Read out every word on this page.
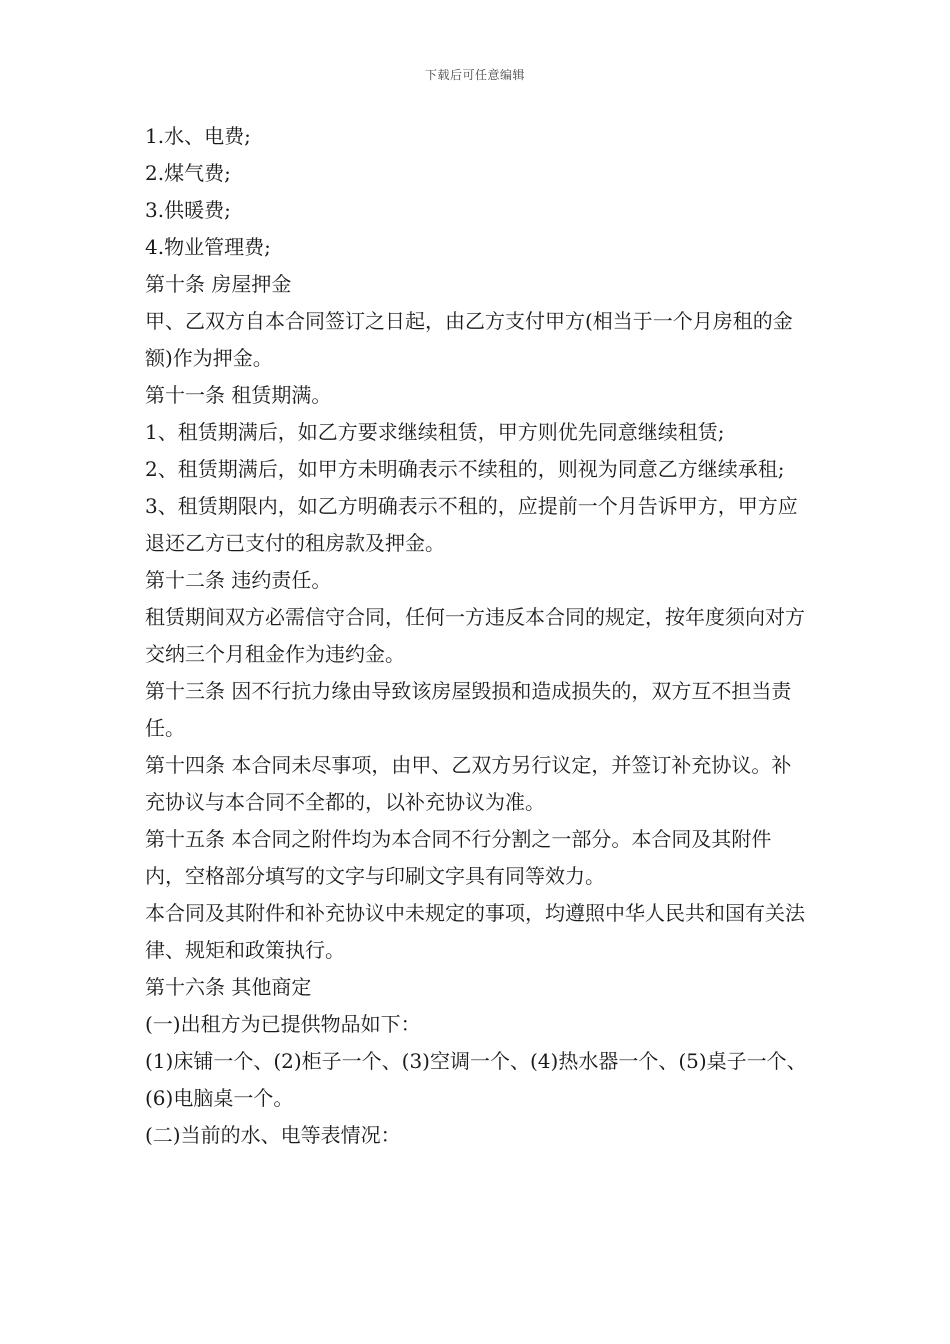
下载后可任意编辑

1.水、电费;

2.煤气费;

3.供暖费;

4.物业管理费;

第十条 房屋押金

甲、乙双方自本合同签订之日起，由乙方支付甲方(相当于一个月房租的金额)作为押金。

第十一条 租赁期满。

1、租赁期满后，如乙方要求继续租赁，甲方则优先同意继续租赁;

2、租赁期满后，如甲方未明确表示不续租的，则视为同意乙方继续承租;

3、租赁期限内，如乙方明确表示不租的，应提前一个月告诉甲方，甲方应退还乙方已支付的租房款及押金。

第十二条 违约责任。

租赁期间双方必需信守合同，任何一方违反本合同的规定，按年度须向对方交纳三个月租金作为违约金。

第十三条 因不行抗力缘由导致该房屋毁损和造成损失的，双方互不担当责任。

第十四条 本合同未尽事项，由甲、乙双方另行议定，并签订补充协议。补充协议与本合同不全都的，以补充协议为准。

第十五条 本合同之附件均为本合同不行分割之一部分。本合同及其附件内，空格部分填写的文字与印刷文字具有同等效力。

本合同及其附件和补充协议中未规定的事项，均遵照中华人民共和国有关法律、规矩和政策执行。

第十六条 其他商定

(一)出租方为已提供物品如下：

(1)床铺一个、(2)柜子一个、(3)空调一个、(4)热水器一个、(5)桌子一个、(6)电脑桌一个。

(二)当前的水、电等表情况：
